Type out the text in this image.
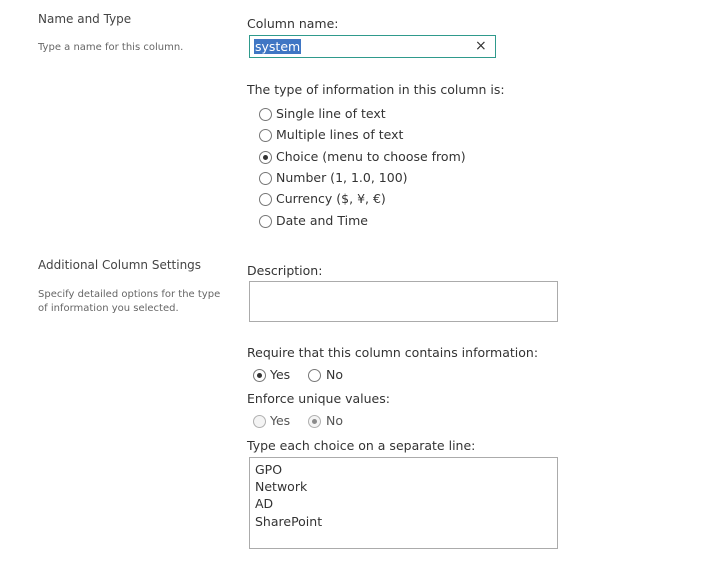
Name and Type
Type a name for this column.
Additional Column Settings
Specify detailed options for the type of information you selected.
Column name:
system	×
The type of information in this column is:
Single line of text
Multiple lines of text
Choice (menu to choose from)
Number (1, 1.0, 100)
Currency ($, ¥, €)
Date and Time
Description:
Require that this column contains information:
Yes	No
Enforce unique values:
Yes	No
Type each choice on a separate line:
GPO
Network
AD
SharePoint
